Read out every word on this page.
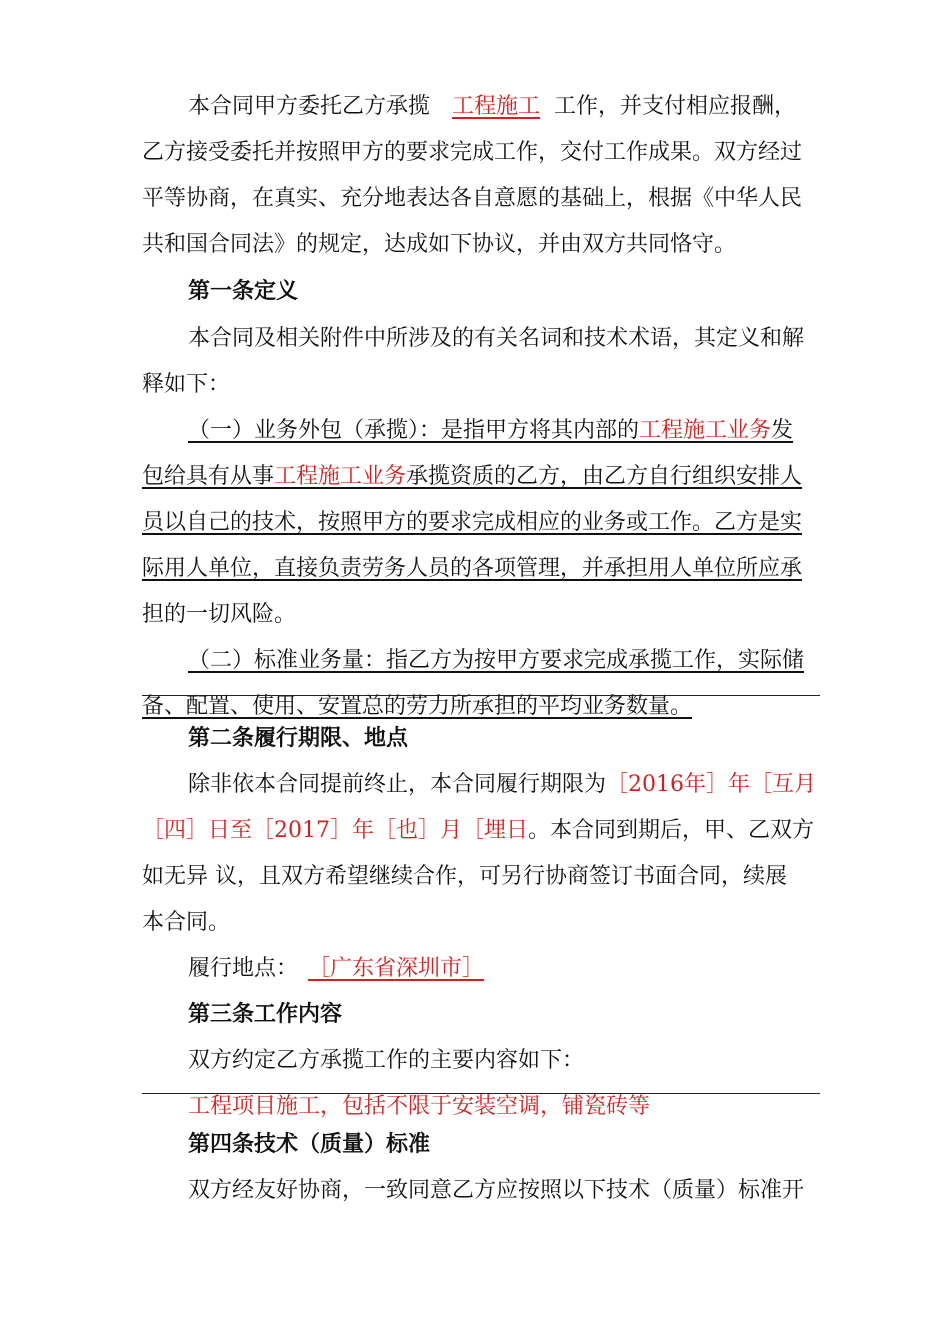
本合同甲方委托乙方承揽 工程施工 工作，并支付相应报酬，
乙方接受委托并按照甲方的要求完成工作，交付工作成果。双方经过
平等协商，在真实、充分地表达各自意愿的基础上，根据《中华人民
共和国合同法》的规定，达成如下协议，并由双方共同恪守。
第一条定义
本合同及相关附件中所涉及的有关名词和技术术语，其定义和解
释如下：
（一）业务外包（承揽）：是指甲方将其内部的工程施工业务发
包给具有从事工程施工业务承揽资质的乙方，由乙方自行组织安排人
员以自己的技术，按照甲方的要求完成相应的业务或工作。乙方是实
际用人单位，直接负责劳务人员的各项管理，并承担用人单位所应承
担的一切风险。
（二）标准业务量：指乙方为按甲方要求完成承揽工作，实际储
备、配置、使用、安置总的劳力所承担的平均业务数量。
第二条履行期限、地点
除非依本合同提前终止，本合同履行期限为［2016年］年［互月
［四］日至［2017］年［也］月［埋日。本合同到期后，甲、乙双方
如无异 议，且双方希望继续合作，可另行协商签订书面合同，续展
本合同。
履行地点： ［广东省深圳市］
第三条工作内容
双方约定乙方承揽工作的主要内容如下：
工程项目施工，包括不限于安装空调，铺瓷砖等
第四条技术（质量）标准
双方经友好协商，一致同意乙方应按照以下技术（质量）标准开
